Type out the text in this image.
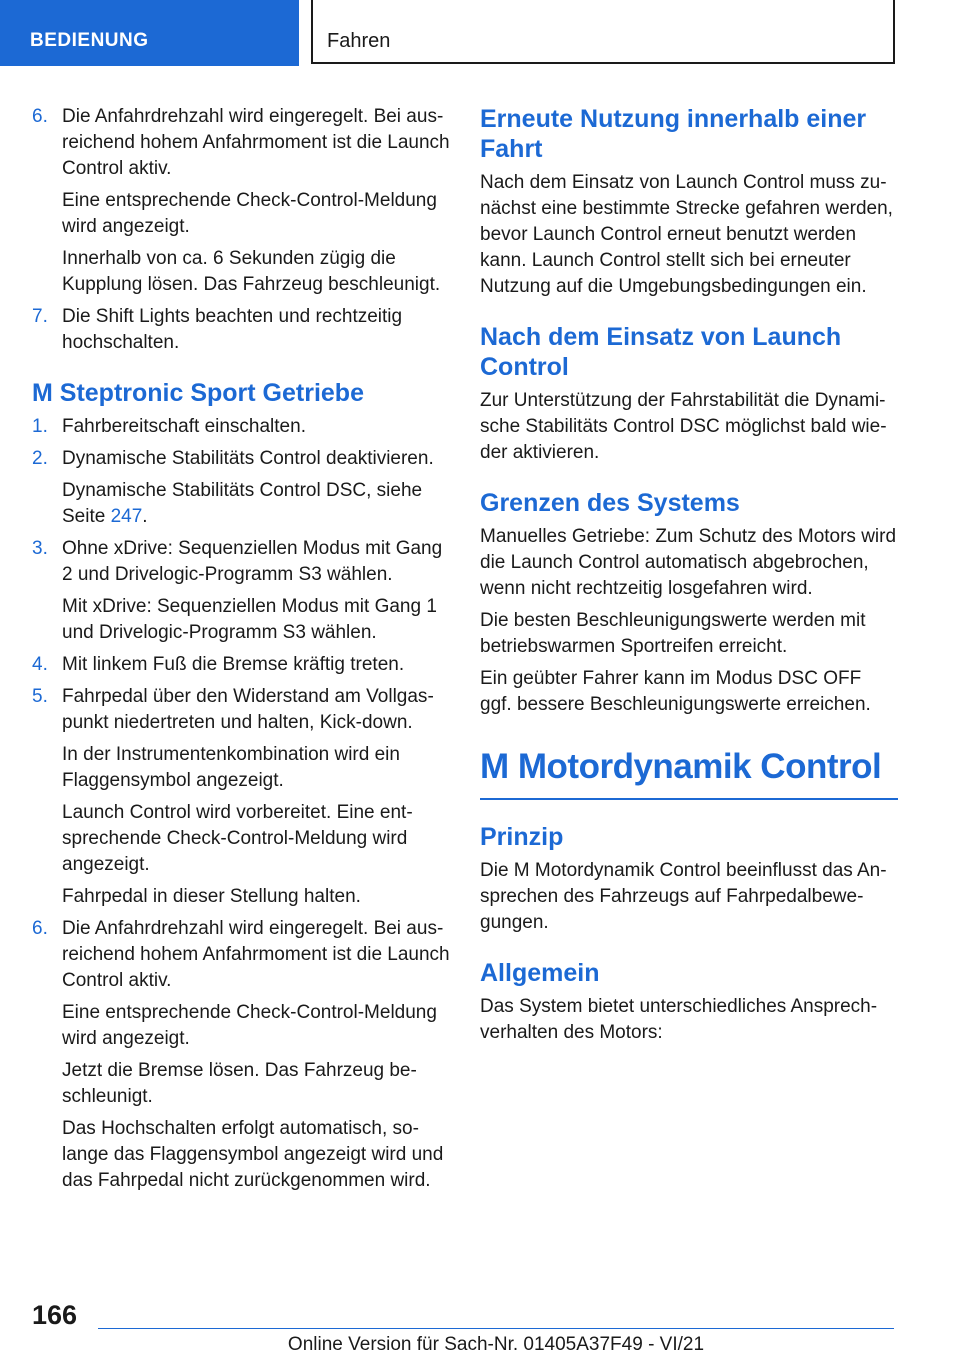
BEDIENUNG	Fahren
6. Die Anfahrdrehzahl wird eingeregelt. Bei ausreichend hohem Anfahrmoment ist die Launch Control aktiv.

Eine entsprechende Check-Control-Meldung wird angezeigt.

Innerhalb von ca. 6 Sekunden zügig die Kupplung lösen. Das Fahrzeug beschleunigt.

7. Die Shift Lights beachten und rechtzeitig hochschalten.

M Steptronic Sport Getriebe
1. Fahrbereitschaft einschalten.

2. Dynamische Stabilitäts Control deaktivieren.

Dynamische Stabilitäts Control DSC, siehe Seite 247.

3. Ohne xDrive: Sequenziellen Modus mit Gang 2 und Drivelogic-Programm S3 wählen.

Mit xDrive: Sequenziellen Modus mit Gang 1 und Drivelogic-Programm S3 wählen.

4. Mit linkem Fuß die Bremse kräftig treten.

5. Fahrpedal über den Widerstand am Vollgaspunkt niedertreten und halten, Kick-down.

In der Instrumentenkombination wird ein Flaggensymbol angezeigt.

Launch Control wird vorbereitet. Eine entsprechende Check-Control-Meldung wird angezeigt.

Fahrpedal in dieser Stellung halten.

6. Die Anfahrdrehzahl wird eingeregelt. Bei ausreichend hohem Anfahrmoment ist die Launch Control aktiv.

Eine entsprechende Check-Control-Meldung wird angezeigt.

Jetzt die Bremse lösen. Das Fahrzeug beschleunigt.

Das Hochschalten erfolgt automatisch, solange das Flaggensymbol angezeigt wird und das Fahrpedal nicht zurückgenommen wird.

Erneute Nutzung innerhalb einer Fahrt

Nach dem Einsatz von Launch Control muss zunächst eine bestimmte Strecke gefahren werden, bevor Launch Control erneut benutzt werden kann. Launch Control stellt sich bei erneuter Nutzung auf die Umgebungsbedingungen ein.

Nach dem Einsatz von Launch Control

Zur Unterstützung der Fahrstabilität die Dynamische Stabilitäts Control DSC möglichst bald wieder aktivieren.

Grenzen des Systems

Manuelles Getriebe: Zum Schutz des Motors wird die Launch Control automatisch abgebrochen, wenn nicht rechtzeitig losgefahren wird.

Die besten Beschleunigungswerte werden mit betriebswarmen Sportreifen erreicht.

Ein geübter Fahrer kann im Modus DSC OFF ggf. bessere Beschleunigungswerte erreichen.

M Motordynamik Control
Prinzip

Die M Motordynamik Control beeinflusst das Ansprechen des Fahrzeugs auf Fahrpedalbewegungen.

Allgemein

Das System bietet unterschiedliches Ansprechverhalten des Motors:

166
Online Version für Sach-Nr. 01405A37F49 - VI/21
